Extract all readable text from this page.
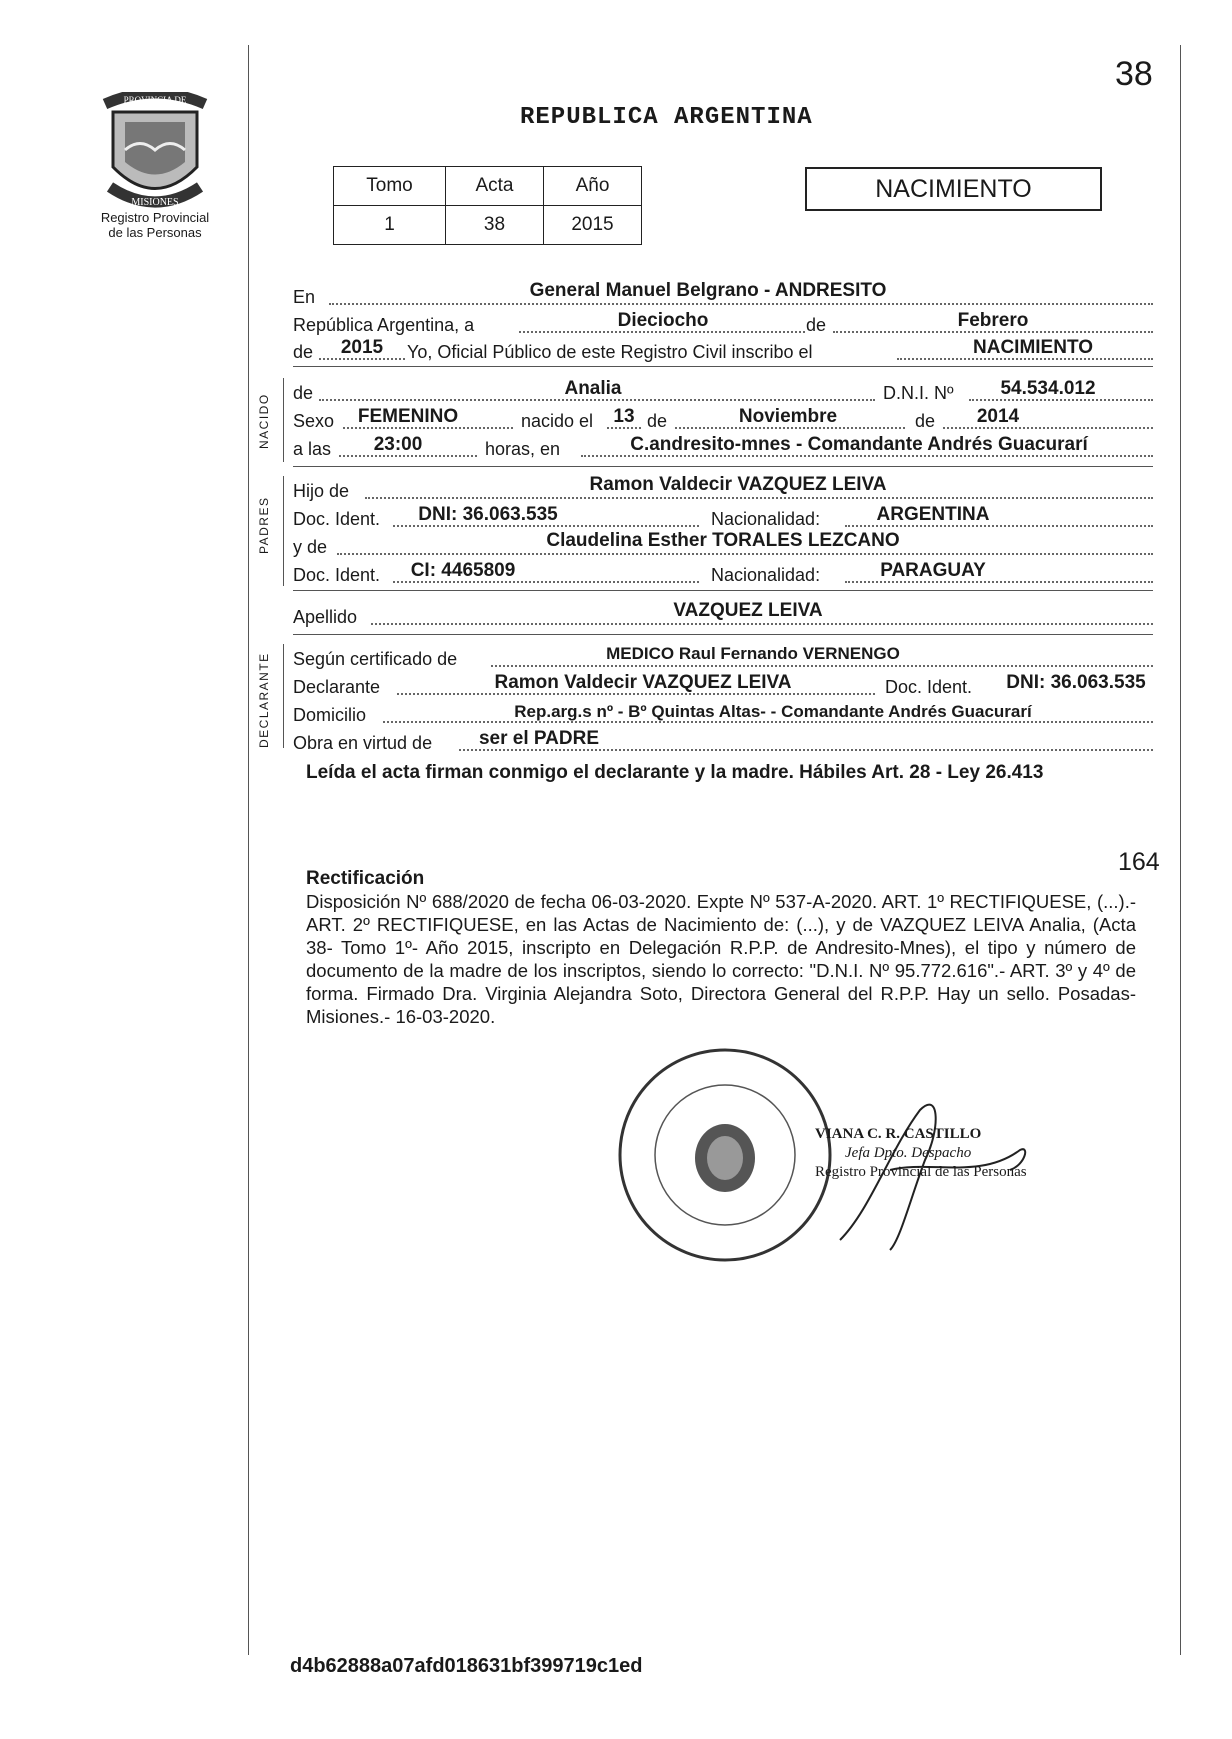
PROVINCIA DE
MISIONES
Registro Provincial
de las Personas
38
REPUBLICA ARGENTINA
Tomo	Acta	Año
1	38	2015
NACIMIENTO
En	General Manuel Belgrano - ANDRESITO
República Argentina, a	Dieciocho	de	Febrero
de 2015 Yo, Oficial Público de este Registro Civil inscribo el	NACIMIENTO
NACIDO
de	Analia	D.N.I. Nº	54.534.012
Sexo FEMENINO	nacido el 13 de	Noviembre	de	2014
a las	23:00	horas, en	C.andresito-mnes - Comandante Andrés Guacurarí
PADRES
Hijo de	Ramon Valdecir VAZQUEZ LEIVA
Doc. Ident.	DNI: 36.063.535	Nacionalidad:	ARGENTINA
y de	Claudelina Esther TORALES LEZCANO
Doc. Ident.	CI: 4465809	Nacionalidad:	PARAGUAY
Apellido	VAZQUEZ LEIVA
DECLARANTE Según certificado de	MEDICO Raul Fernando VERNENGO
Declarante	Ramon Valdecir VAZQUEZ LEIVA	Doc. Ident.	DNI: 36.063.535
Domicilio	Rep.arg.s nº - Bº Quintas Altas- - Comandante Andrés Guacurarí
Obra en virtud de	ser el PADRE
Leída el acta firman conmigo el declarante y la madre. Hábiles Art. 28 - Ley 26.413
Rectificación
164
Disposición Nº 688/2020 de fecha 06-03-2020. Expte Nº 537-A-2020. ART. 1º RECTIFIQUESE, (...).- ART. 2º RECTIFIQUESE, en las Actas de Nacimiento de: (...), y de VAZQUEZ LEIVA Analia, (Acta 38- Tomo 1º- Año 2015, inscripto en Delegación R.P.P. de Andresito-Mnes), el tipo y número de documento de la madre de los inscriptos, siendo lo correcto: "D.N.I. Nº 95.772.616".- ART. 3º y 4º de forma. Firmado Dra. Virginia Alejandra Soto, Directora General del R.P.P. Hay un sello. Posadas-Misiones.- 16-03-2020.
VIANA C. R. CASTILLO
Jefa Dpto. Despacho
Registro Provincial de las Personas
d4b62888a07afd018631bf399719c1ed
